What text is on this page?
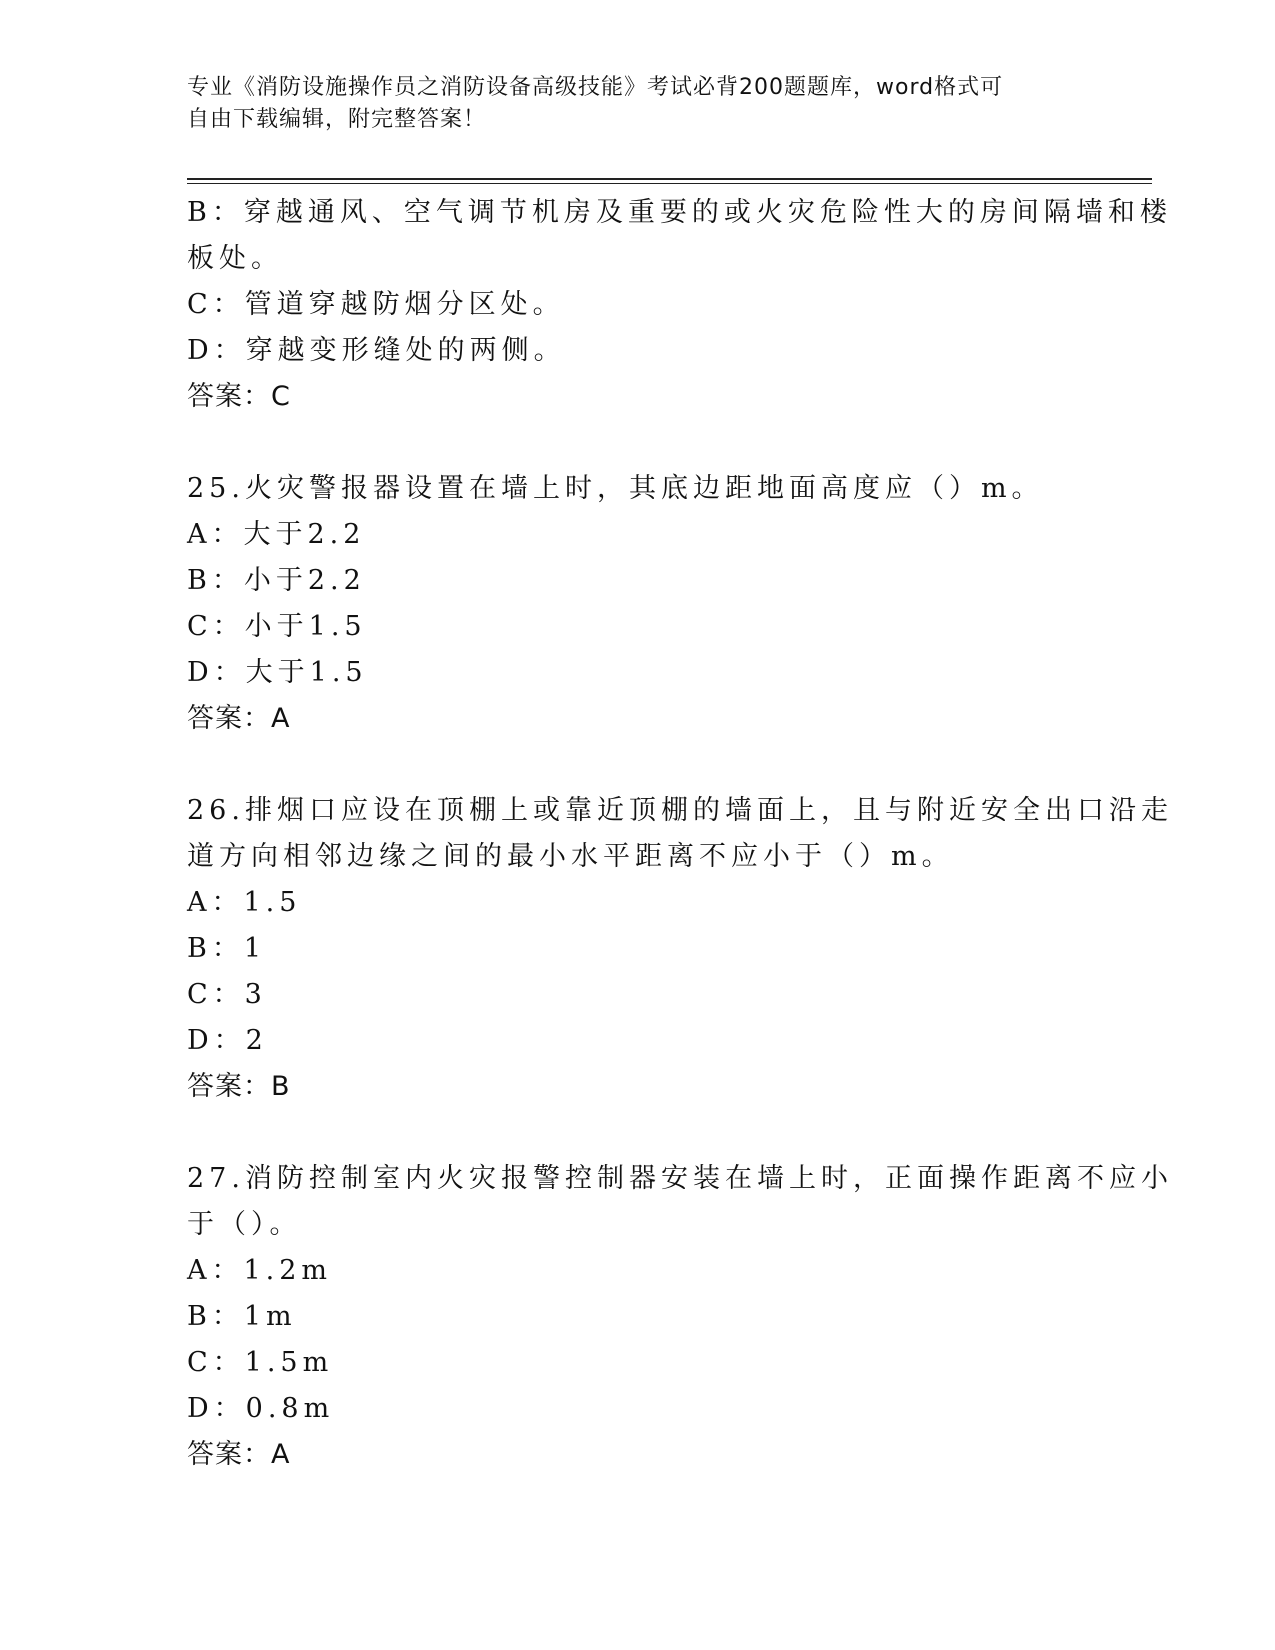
专业《消防设施操作员之消防设备高级技能》考试必背200题题库，word格式可
自由下载编辑，附完整答案！
B：穿越通风、空气调节机房及重要的或火灾危险性大的房间隔墙和楼
板处。
C：管道穿越防烟分区处。
D：穿越变形缝处的两侧。
答案：C
25.火灾警报器设置在墙上时，其底边距地面高度应（）m。
A：大于2.2
B：小于2.2
C：小于1.5
D：大于1.5
答案：A
26.排烟口应设在顶棚上或靠近顶棚的墙面上，且与附近安全出口沿走
道方向相邻边缘之间的最小水平距离不应小于（）m。
A：1.5
B：1
C：3
D：2
答案：B
27.消防控制室内火灾报警控制器安装在墙上时，正面操作距离不应小
于（）。
A：1.2m
B：1m
C：1.5m
D：0.8m
答案：A
